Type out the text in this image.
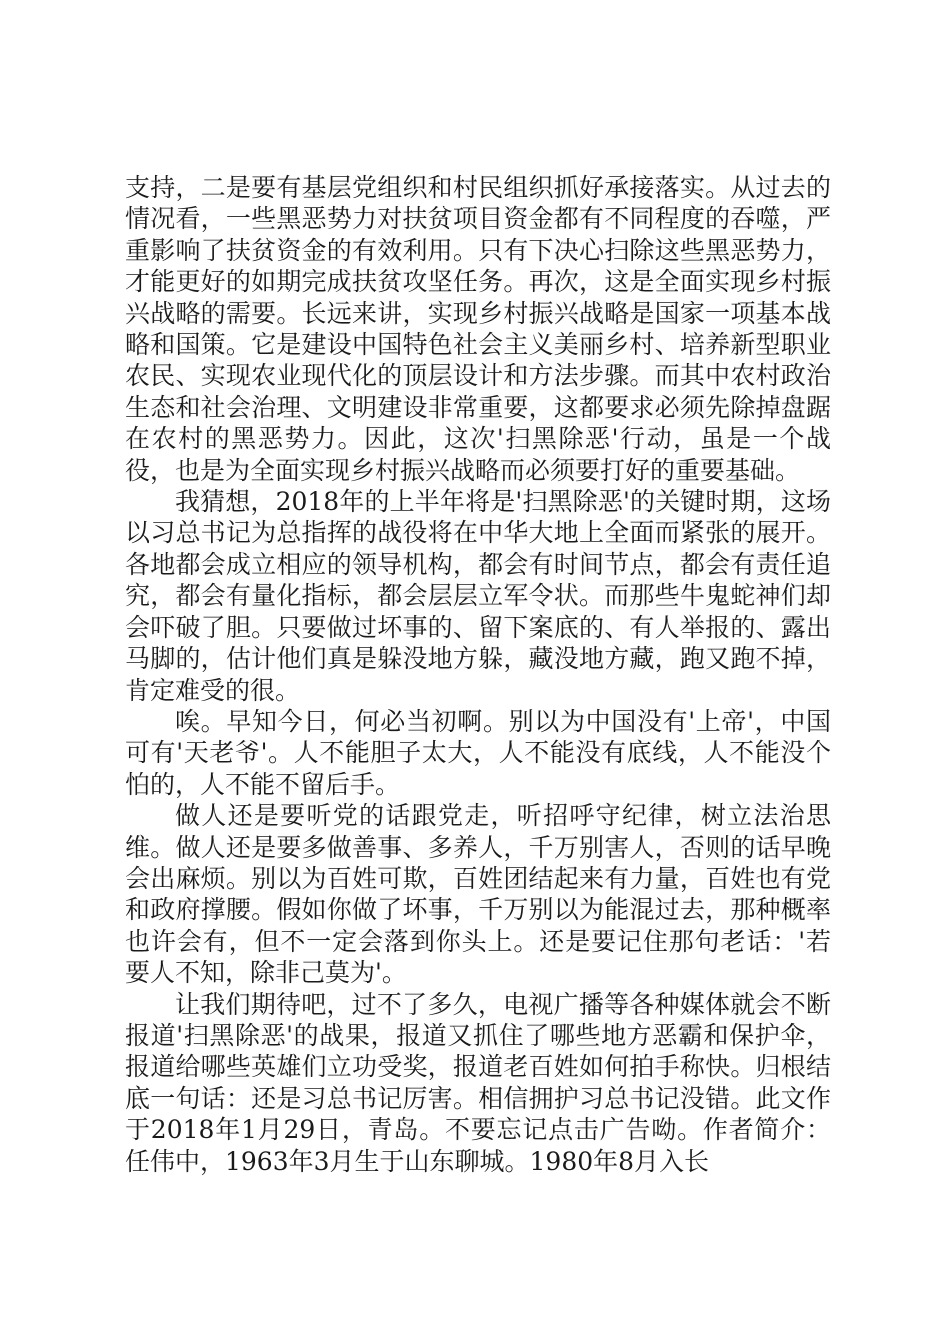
支持，二是要有基层党组织和村民组织抓好承接落实。从过去的情况看，一些黑恶势力对扶贫项目资金都有不同程度的吞噬，严重影响了扶贫资金的有效利用。只有下决心扫除这些黑恶势力，才能更好的如期完成扶贫攻坚任务。再次，这是全面实现乡村振兴战略的需要。长远来讲，实现乡村振兴战略是国家一项基本战略和国策。它是建设中国特色社会主义美丽乡村、培养新型职业农民、实现农业现代化的顶层设计和方法步骤。而其中农村政治生态和社会治理、文明建设非常重要，这都要求必须先除掉盘踞在农村的黑恶势力。因此，这次'扫黑除恶'行动，虽是一个战役，也是为全面实现乡村振兴战略而必须要打好的重要基础。

我猜想，2018年的上半年将是'扫黑除恶'的关键时期，这场以习总书记为总指挥的战役将在中华大地上全面而紧张的展开。各地都会成立相应的领导机构，都会有时间节点，都会有责任追究，都会有量化指标，都会层层立军令状。而那些牛鬼蛇神们却会吓破了胆。只要做过坏事的、留下案底的、有人举报的、露出马脚的，估计他们真是躲没地方躲，藏没地方藏，跑又跑不掉，肯定难受的很。

唉。早知今日，何必当初啊。别以为中国没有'上帝'，中国可有'天老爷'。人不能胆子太大，人不能没有底线，人不能没个怕的，人不能不留后手。

做人还是要听党的话跟党走，听招呼守纪律，树立法治思维。做人还是要多做善事、多养人，千万别害人，否则的话早晚会出麻烦。别以为百姓可欺，百姓团结起来有力量，百姓也有党和政府撑腰。假如你做了坏事，千万别以为能混过去，那种概率也许会有，但不一定会落到你头上。还是要记住那句老话：'若要人不知，除非己莫为'。

让我们期待吧，过不了多久，电视广播等各种媒体就会不断报道'扫黑除恶'的战果，报道又抓住了哪些地方恶霸和保护伞，报道给哪些英雄们立功受奖，报道老百姓如何拍手称快。归根结底一句话：还是习总书记厉害。相信拥护习总书记没错。此文作于2018年1月29日，青岛。不要忘记点击广告呦。作者简介：任伟中，1963年3月生于山东聊城。1980年8月入长
